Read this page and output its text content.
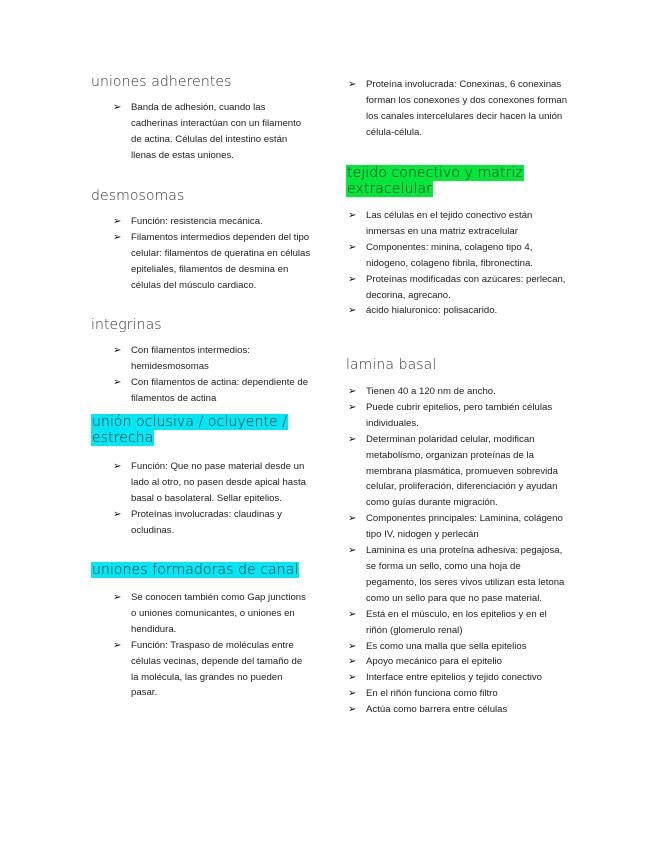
uniones adherentes
➢ Banda de adhesión, cuando las cadherinas interactúan con un filamento de actina. Células del intestino están llenas de estas uniones.
desmosomas
➢ Función: resistencia mecánica.
➢ Filamentos intermedios dependen del tipo celular: filamentos de queratina en células epiteliales, filamentos de desmina en células del músculo cardiaco.
integrinas
➢ Con filamentos intermedios: hemidesmosomas
➢ Con filamentos de actina: dependiente de filamentos de actina
unión oclusiva / ocluyente /
estrecha
➢ Función: Que no pase material desde un lado al otro, no pasen desde apical hasta basal o basolateral. Sellar epitelios.
➢ Proteínas involucradas: claudinas y ocludinas.
uniones formadoras de canal
➢ Se conocen también como Gap junctions o uniones comunicantes, o uniones en hendidura.
➢ Función: Traspaso de moléculas entre células vecinas, depende del tamaño de la molécula, las grandes no pueden pasar.
➢ Proteína involucrada: Conexinas, 6 conexinas forman los conexones y dos conexones forman los canales intercelulares decir hacen la unión célula-célula.
tejido conectivo y matriz
extracelular
➢ Las células en el tejido conectivo están inmersas en una matriz extracelular
➢ Componentes: minina, colageno tipo 4, nidogeno, colageno fibrila, fibronectina.
➢ Proteínas modificadas con azúcares: perlecan, decorina, agrecano.
➢ ácido hialuronico: polisacarido.
lamina basal
➢ Tienen 40 a 120 nm de ancho.
➢ Puede cubrir epitelios, pero también células individuales.
➢ Determinan polaridad celular, modifican metabolismo, organizan proteínas de la membrana plasmática, promueven sobrevida celular, proliferación, diferenciación y ayudan como guías durante migración.
➢ Componentes principales: Laminina, colágeno tipo IV, nidogen y perlecán
➢ Laminina es una proteína adhesiva: pegajosa, se forma un sello, como una hoja de pegamento, los seres vivos utilizan esta letona como un sello para que no pase material.
➢ Está en el músculo, en los epitelios y en el riñón (glomerulo renal)
➢ Es como una malla que sella epitelios
➢ Apoyo mecánico para el epitelio
➢ Interface entre epitelios y tejido conectivo
➢ En el riñón funciona como filtro
➢ Actúa como barrera entre células
